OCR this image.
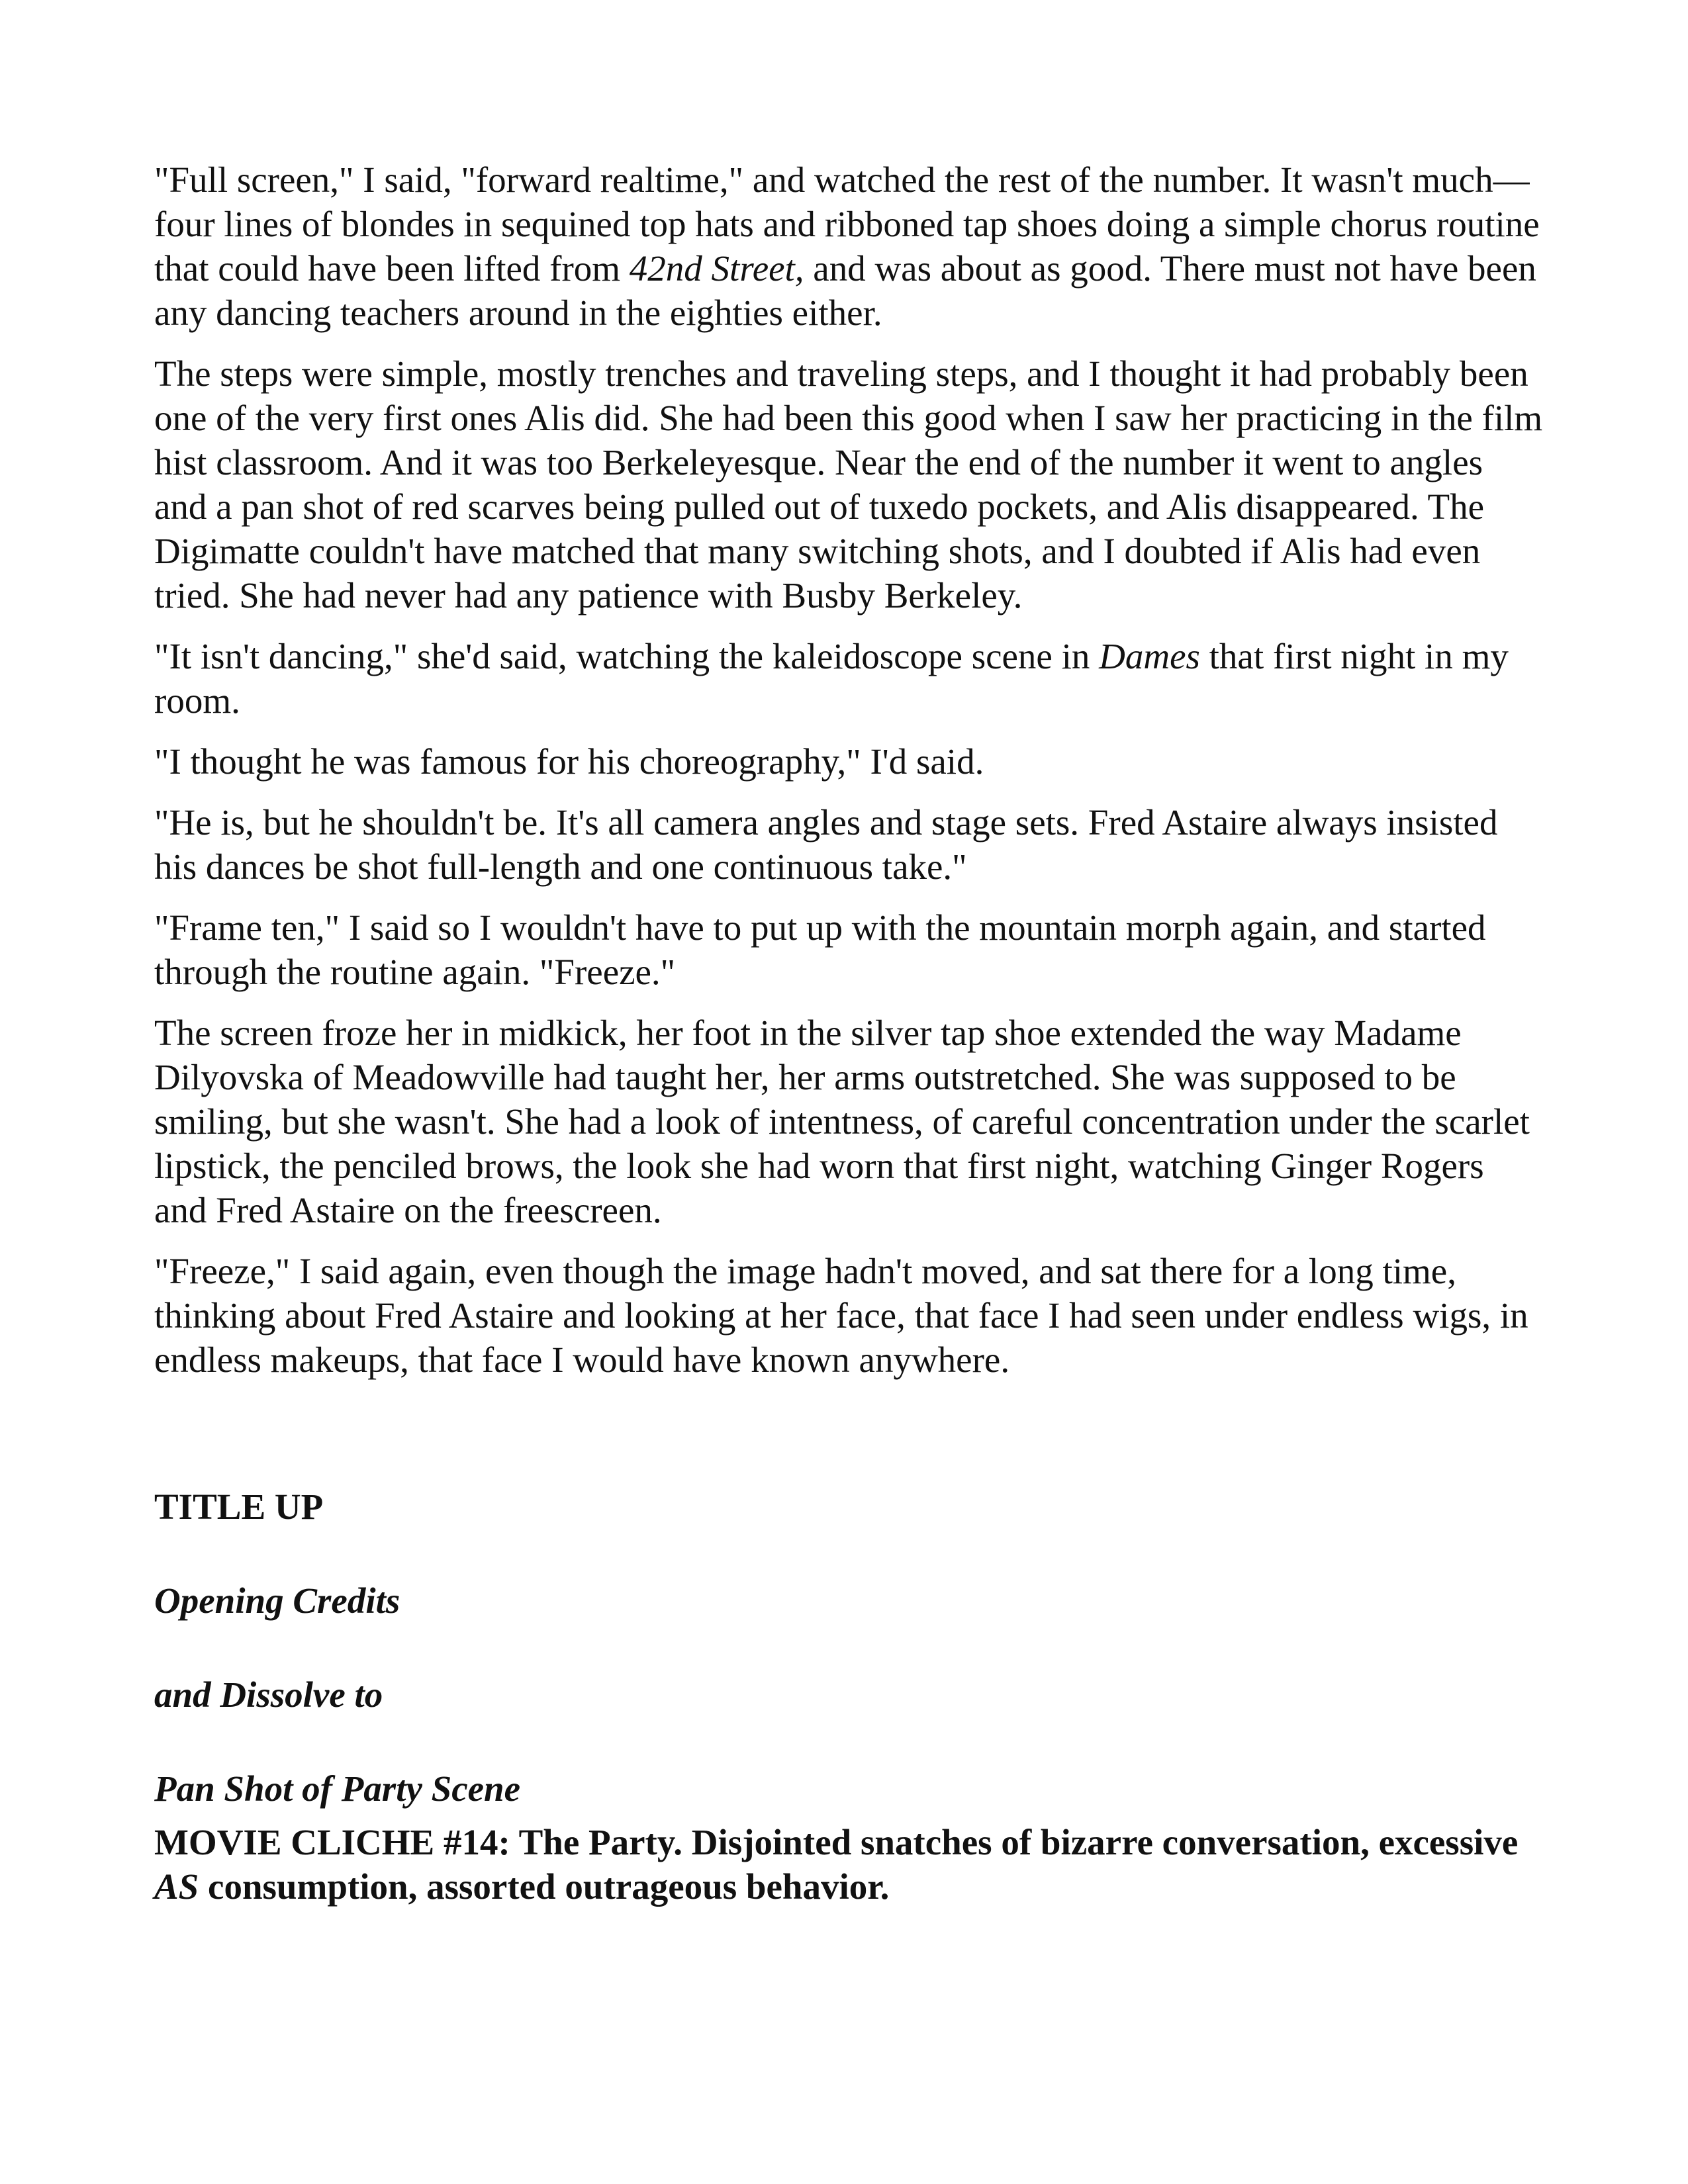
"Full screen," I said, "forward realtime," and watched the rest of the number. It wasn't much—four lines of blondes in sequined top hats and ribboned tap shoes doing a simple chorus routine that could have been lifted from 42nd Street, and was about as good. There must not have been any dancing teachers around in the eighties either.

The steps were simple, mostly trenches and traveling steps, and I thought it had probably been one of the very first ones Alis did. She had been this good when I saw her practicing in the film hist classroom. And it was too Berkeleyesque. Near the end of the number it went to angles and a pan shot of red scarves being pulled out of tuxedo pockets, and Alis disappeared. The Digimatte couldn't have matched that many switching shots, and I doubted if Alis had even tried. She had never had any patience with Busby Berkeley.

"It isn't dancing," she'd said, watching the kaleidoscope scene in Dames that first night in my room.

"I thought he was famous for his choreography," I'd said.

"He is, but he shouldn't be. It's all camera angles and stage sets. Fred Astaire always insisted his dances be shot full-length and one continuous take."

"Frame ten," I said so I wouldn't have to put up with the mountain morph again, and started through the routine again. "Freeze."

The screen froze her in midkick, her foot in the silver tap shoe extended the way Madame Dilyovska of Meadowville had taught her, her arms outstretched. She was supposed to be smiling, but she wasn't. She had a look of intentness, of careful concentration under the scarlet lipstick, the penciled brows, the look she had worn that first night, watching Ginger Rogers and Fred Astaire on the freescreen.

"Freeze," I said again, even though the image hadn't moved, and sat there for a long time, thinking about Fred Astaire and looking at her face, that face I had seen under endless wigs, in endless makeups, that face I would have known anywhere.

TITLE UP

Opening Credits

and Dissolve to

Pan Shot of Party Scene

MOVIE CLICHE #14: The Party. Disjointed snatches of bizarre conversation, excessive AS consumption, assorted outrageous behavior.
